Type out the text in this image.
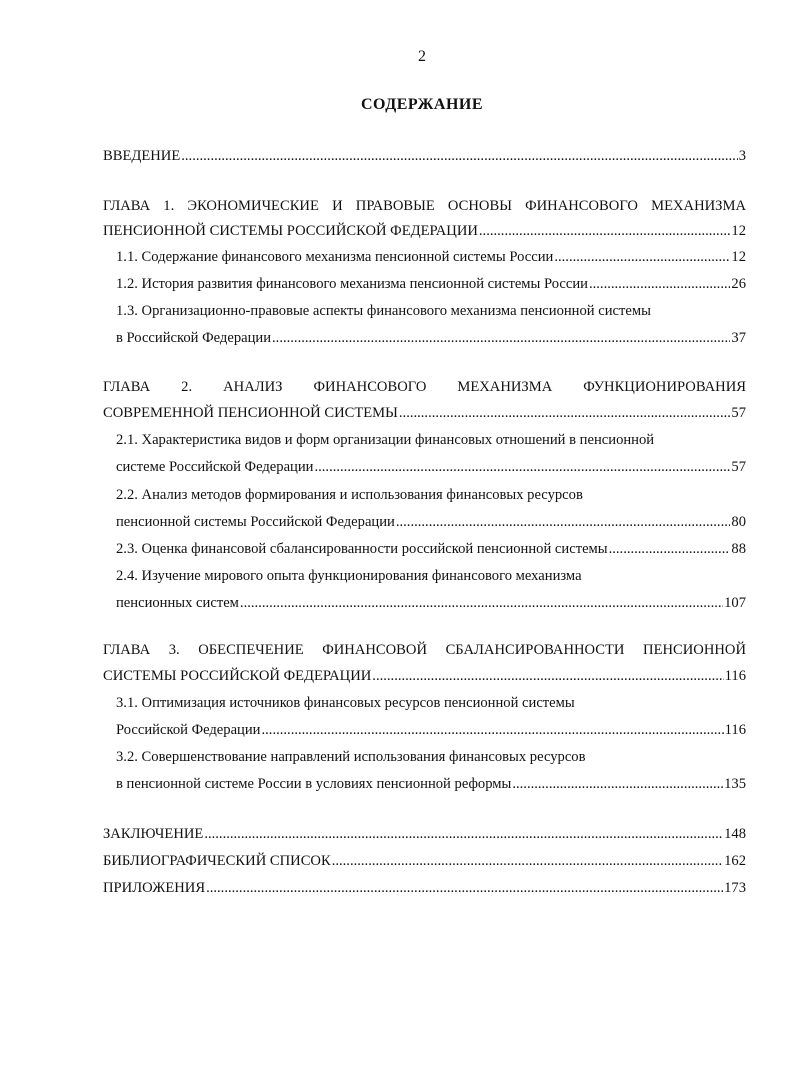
2
СОДЕРЖАНИЕ
ВВЕДЕНИЕ .....	3
ГЛАВА 1. ЭКОНОМИЧЕСКИЕ И ПРАВОВЫЕ ОСНОВЫ ФИНАНСОВОГО МЕХАНИЗМА
ПЕНСИОННОЙ СИСТЕМЫ РОССИЙСКОЙ ФЕДЕРАЦИИ .....	12
1.1. Содержание финансового механизма пенсионной системы России .....	12
1.2. История развития финансового механизма пенсионной системы России .....	26
1.3. Организационно-правовые аспекты финансового механизма пенсионной системы
в Российской Федерации .....	37
ГЛАВА 2. АНАЛИЗ ФИНАНСОВОГО МЕХАНИЗМА ФУНКЦИОНИРОВАНИЯ
СОВРЕМЕННОЙ ПЕНСИОННОЙ СИСТЕМЫ .....	57
2.1. Характеристика видов и форм организации финансовых отношений в пенсионной
системе Российской Федерации .....	57
2.2. Анализ методов формирования и использования финансовых ресурсов
пенсионной системы Российской Федерации .....	80
2.3. Оценка финансовой сбалансированности российской пенсионной системы .....	88
2.4. Изучение мирового опыта функционирования финансового механизма
пенсионных систем .....	107
ГЛАВА 3. ОБЕСПЕЧЕНИЕ ФИНАНСОВОЙ СБАЛАНСИРОВАННОСТИ ПЕНСИОННОЙ
СИСТЕМЫ РОССИЙСКОЙ ФЕДЕРАЦИИ .....	116
3.1. Оптимизация источников финансовых ресурсов пенсионной системы
Российской Федерации .....	116
3.2. Совершенствование направлений использования финансовых ресурсов
в пенсионной системе России в условиях пенсионной реформы .....	135
ЗАКЛЮЧЕНИЕ .....	148
БИБЛИОГРАФИЧЕСКИЙ СПИСОК .....	162
ПРИЛОЖЕНИЯ .....	173
